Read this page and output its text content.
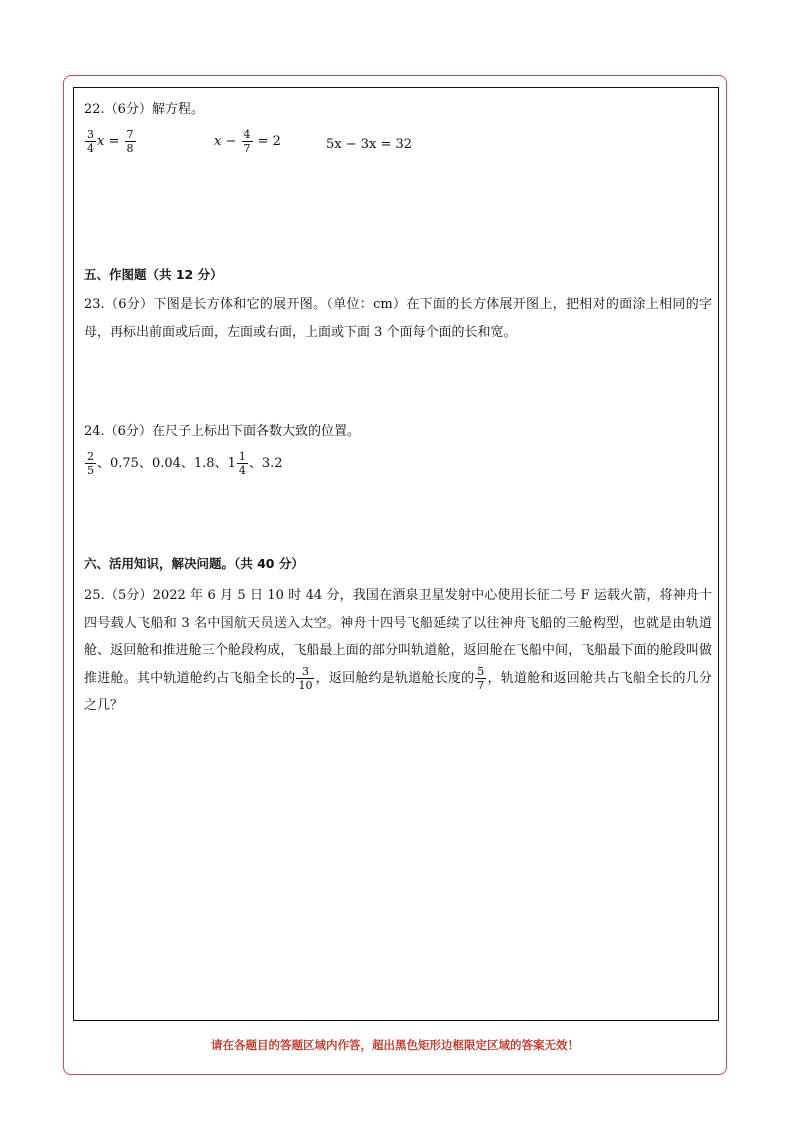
22.（6分）解方程。
$\frac{3}{4}$ $x = \frac{7}{8}$	$x - \frac{4}{7} = 2$	5x − 3x = 32
五、作图题（共 12 分）
23.（6分）下图是长方体和它的展开图。（单位：cm）在下面的长方体展开图上，把相对的面涂上相同的字母，再标出前面或后面，左面或右面，上面或下面 3 个面每个面的长和宽。
24.（6分）在尺子上标出下面各数大致的位置。
$\frac{2}{5}$ 、0.75、0.04、1.8、$1 \frac{1}{4}$ 、3.2
六、活用知识，解决问题。（共 40 分）
25.（5分）2022 年 6 月 5 日 10 时 44 分，我国在酒泉卫星发射中心使用长征二号 F 运载火箭，将神舟十四号载人飞船和 3 名中国航天员送入太空。神舟十四号飞船延续了以往神舟飞船的三舱构型，也就是由轨道舱、返回舱和推进舱三个舱段构成，飞船最上面的部分叫轨道舱，返回舱在飞船中间，飞船最下面的舱段叫做推进舱。其中轨道舱约占飞船全长的 $\frac{3}{10}$ ，返回舱约是轨道舱长度的 $\frac{5}{7}$ ，轨道舱和返回舱共占飞船全长的几分之几？
请在各题目的答题区域内作答，超出黑色矩形边框限定区域的答案无效！
